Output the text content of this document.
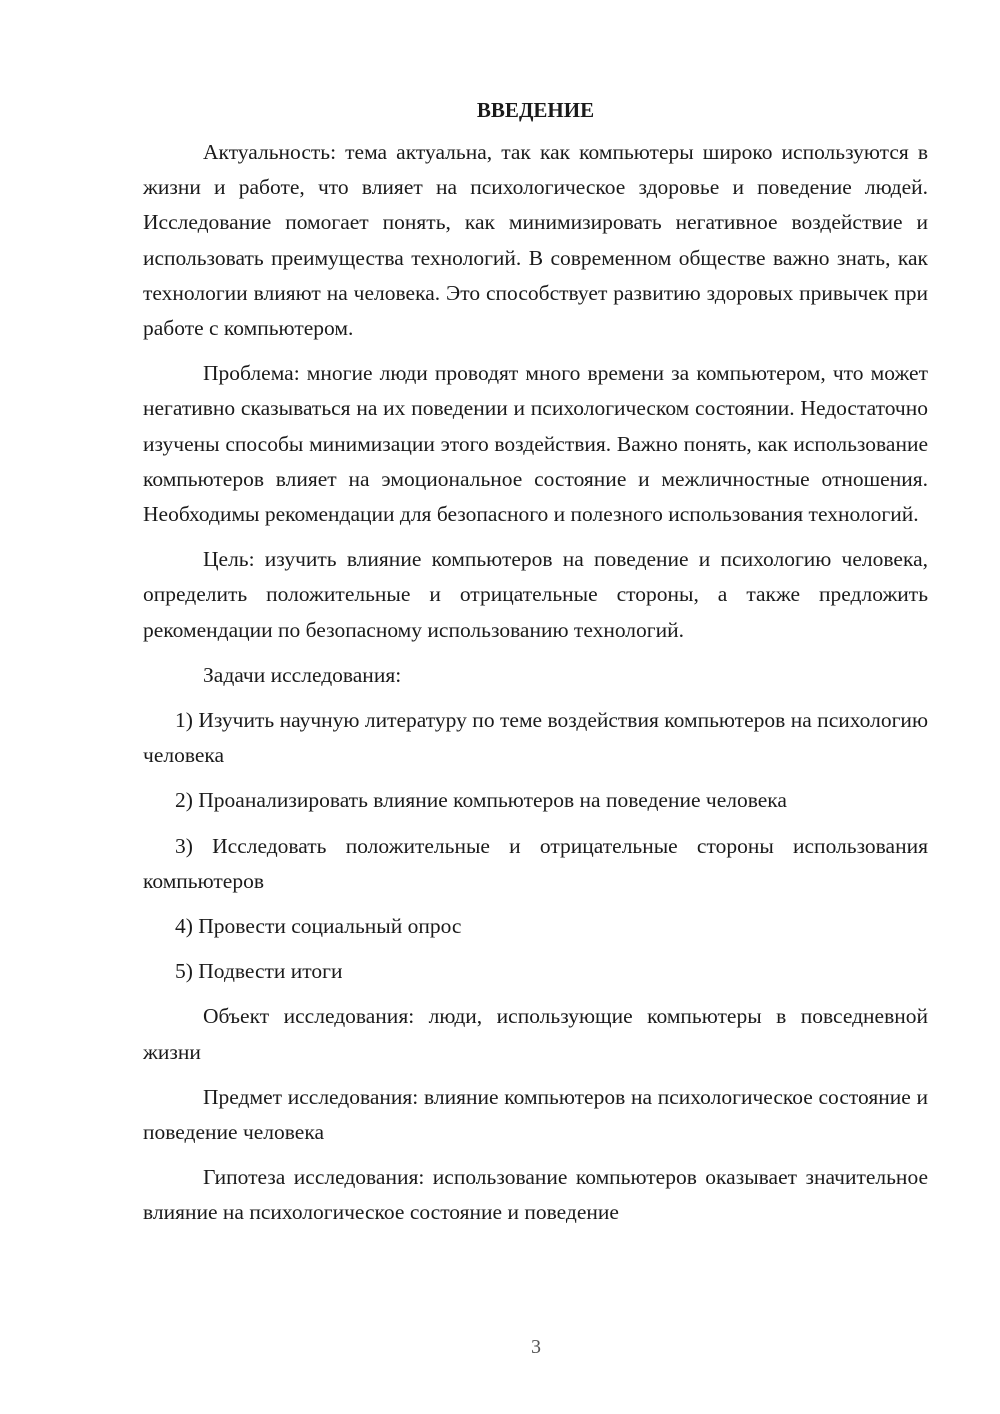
ВВЕДЕНИЕ

Актуальность: тема актуальна, так как компьютеры широко используются в жизни и работе, что влияет на психологическое здоровье и поведение людей. Исследование помогает понять, как минимизировать негативное воздействие и использовать преимущества технологий. В современном обществе важно знать, как технологии влияют на человека. Это способствует развитию здоровых привычек при работе с компьютером.

Проблема: многие люди проводят много времени за компьютером, что может негативно сказываться на их поведении и психологическом состоянии. Недостаточно изучены способы минимизации этого воздействия. Важно понять, как использование компьютеров влияет на эмоциональное состояние и межличностные отношения. Необходимы рекомендации для безопасного и полезного использования технологий.

Цель: изучить влияние компьютеров на поведение и психологию человека, определить положительные и отрицательные стороны, а также предложить рекомендации по безопасному использованию технологий.

Задачи исследования:

1) Изучить научную литературу по теме воздействия компьютеров на психологию человека

2) Проанализировать влияние компьютеров на поведение человека

3) Исследовать положительные и отрицательные стороны использования компьютеров

4) Провести социальный опрос

5) Подвести итоги

Объект исследования: люди, использующие компьютеры в повседневной жизни

Предмет исследования: влияние компьютеров на психологическое состояние и поведение человека

Гипотеза исследования: использование компьютеров оказывает значительное влияние на психологическое состояние и поведение

3
